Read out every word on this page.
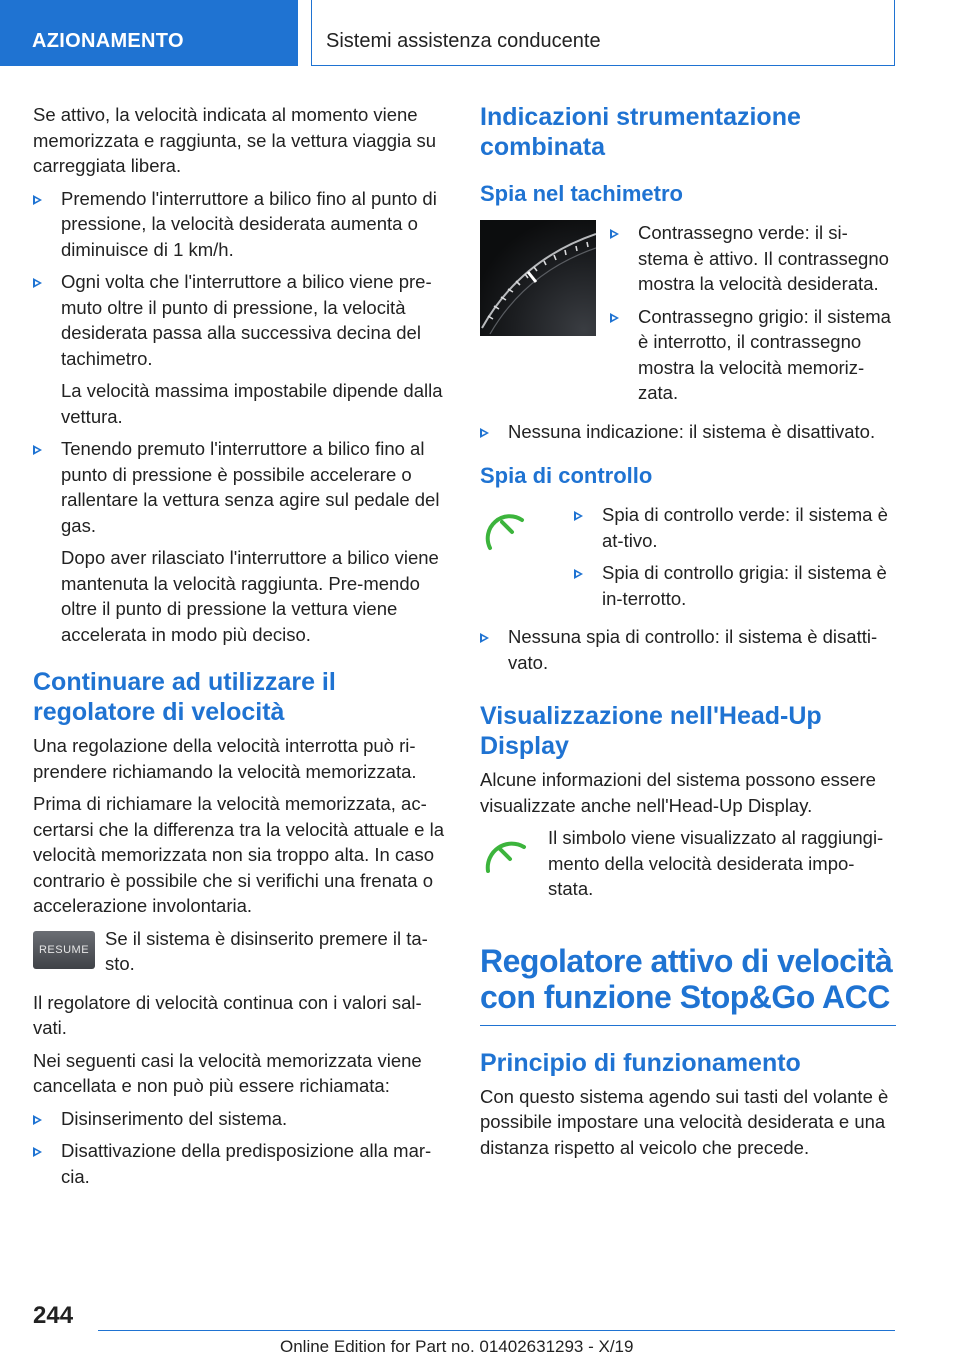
AZIONAMENTO	Sistemi assistenza conducente

Se attivo, la velocità indicata al momento viene memorizzata e raggiunta, se la vettura viaggia su carreggiata libera.

Premendo l'interruttore a bilico fino al punto di pressione, la velocità desiderata aumenta o diminuisce di 1 km/h.
Ogni volta che l'interruttore a bilico viene pre-muto oltre il punto di pressione, la velocità desiderata passa alla successiva decina del tachimetro.
La velocità massima impostabile dipende dalla vettura.
Tenendo premuto l'interruttore a bilico fino al punto di pressione è possibile accelerare o rallentare la vettura senza agire sul pedale del gas.
Dopo aver rilasciato l'interruttore a bilico viene mantenuta la velocità raggiunta. Pre-mendo oltre il punto di pressione la vettura viene accelerata in modo più deciso.
Continuare ad utilizzare il regolatore di velocità

Una regolazione della velocità interrotta può ri-prendere richiamando la velocità memorizzata.

Prima di richiamare la velocità memorizzata, ac-certarsi che la differenza tra la velocità attuale e la velocità memorizzata non sia troppo alta. In caso contrario è possibile che si verifichi una frenata o accelerazione involontaria.

RESUME

Se il sistema è disinserito premere il ta-sto.

Il regolatore di velocità continua con i valori sal-vati.

Nei seguenti casi la velocità memorizzata viene cancellata e non può più essere richiamata:

Disinserimento del sistema.
Disattivazione della predisposizione alla mar-cia.
Indicazioni strumentazione combinata
Spia nel tachimetro
Contrassegno verde: il si-stema è attivo. Il contrassegno mostra la velocità desiderata.
Contrassegno grigio: il sistema è interrotto, il contrassegno mostra la velocità memoriz-zata.
Nessuna indicazione: il sistema è disattivato.
Spia di controllo
Spia di controllo verde: il sistema è at-tivo.
Spia di controllo grigia: il sistema è in-terrotto.
Nessuna spia di controllo: il sistema è disatti-vato.
Visualizzazione nell'Head-Up Display

Alcune informazioni del sistema possono essere visualizzate anche nell'Head-Up Display.

Il simbolo viene visualizzato al raggiungi-mento della velocità desiderata impo-stata.

Regolatore attivo di velocità con funzione Stop&Go ACC
Principio di funzionamento

Con questo sistema agendo sui tasti del volante è possibile impostare una velocità desiderata e una distanza rispetto al veicolo che precede.

244
Online Edition for Part no. 01402631293 - X/19
